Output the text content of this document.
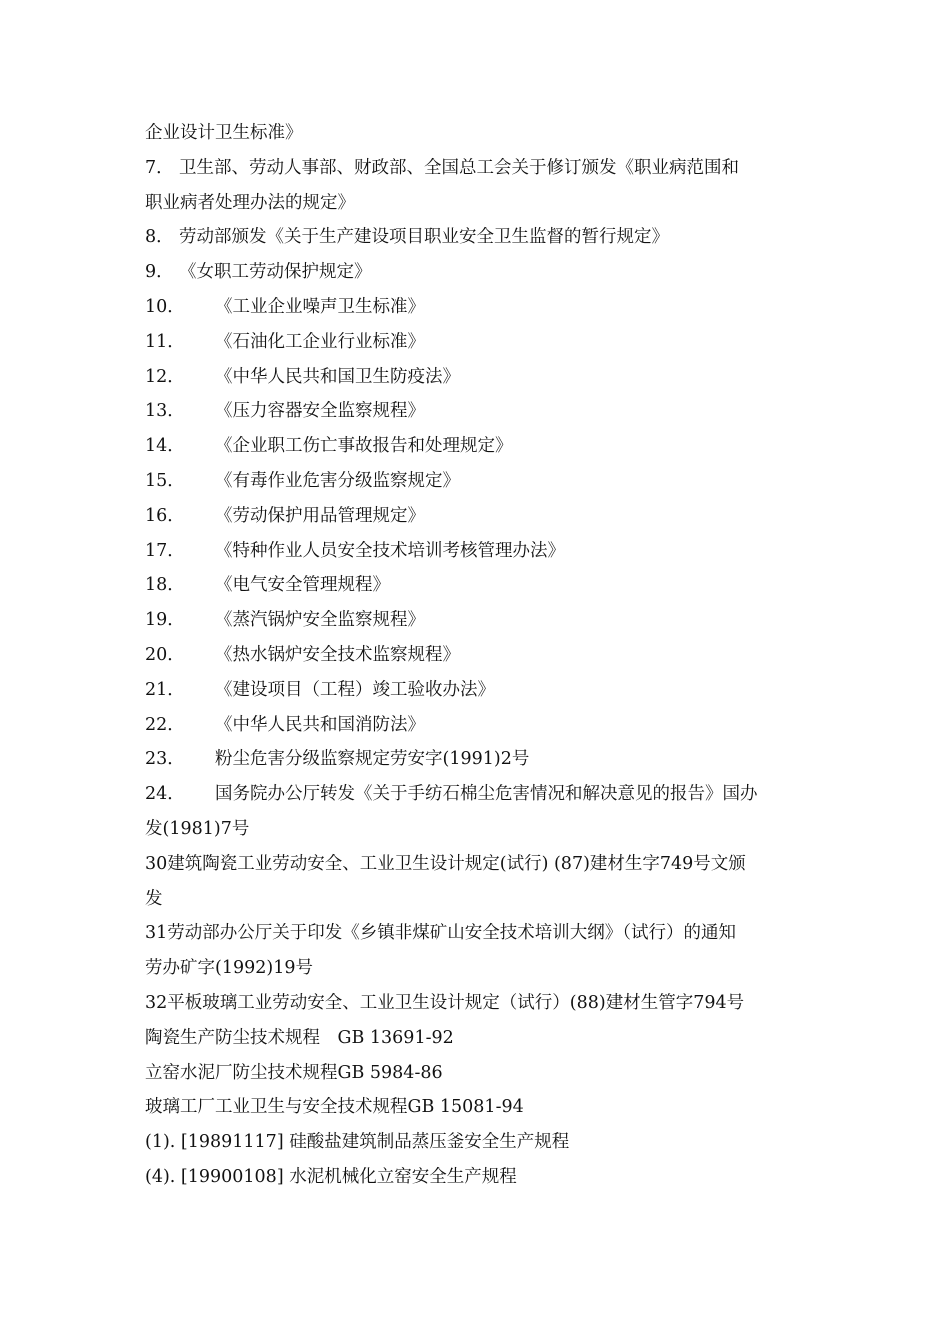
企业设计卫生标准》
7． 卫生部、劳动人事部、财政部、全国总工会关于修订颁发《职业病范围和
职业病者处理办法的规定》
8． 劳动部颁发《关于生产建设项目职业安全卫生监督的暂行规定》
9． 《女职工劳动保护规定》
10． 《工业企业噪声卫生标准》
11． 《石油化工企业行业标准》
12． 《中华人民共和国卫生防疫法》
13． 《压力容器安全监察规程》
14． 《企业职工伤亡事故报告和处理规定》
15． 《有毒作业危害分级监察规定》
16． 《劳动保护用品管理规定》
17． 《特种作业人员安全技术培训考核管理办法》
18． 《电气安全管理规程》
19． 《蒸汽锅炉安全监察规程》
20． 《热水锅炉安全技术监察规程》
21． 《建设项目（工程）竣工验收办法》
22． 《中华人民共和国消防法》
23． 粉尘危害分级监察规定劳安字(1991)2号
24． 国务院办公厅转发《关于手纺石棉尘危害情况和解决意见的报告》国办
发(1981)7号
30建筑陶瓷工业劳动安全、工业卫生设计规定(试行) (87)建材生字749号文颁
发
31劳动部办公厅关于印发《乡镇非煤矿山安全技术培训大纲》（试行）的通知
劳办矿字(1992)19号
32平板玻璃工业劳动安全、工业卫生设计规定（试行）(88)建材生管字794号
陶瓷生产防尘技术规程　GB 13691-92
立窑水泥厂防尘技术规程GB 5984-86
玻璃工厂工业卫生与安全技术规程GB 15081-94
(1). [19891117] 硅酸盐建筑制品蒸压釜安全生产规程
(4). [19900108] 水泥机械化立窑安全生产规程
